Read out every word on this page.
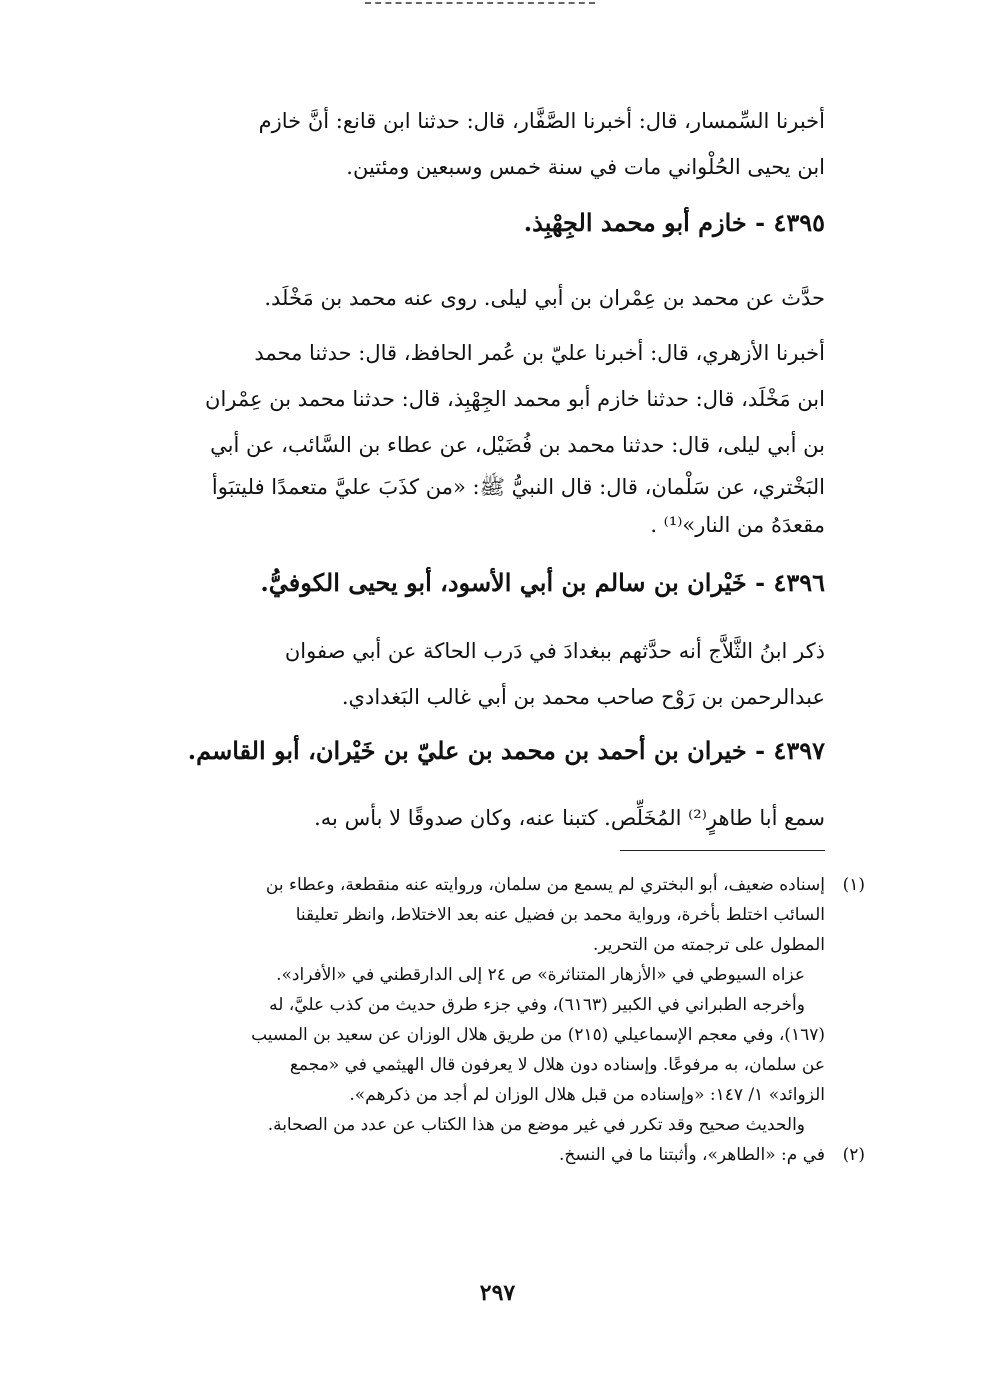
أخبرنا السِّمسار، قال: أخبرنا الصَّفَّار، قال: حدثنا ابن قانع: أنَّ خازم
ابن يحيى الحُلْواني مات في سنة خمس وسبعين ومئتين.
٤٣٩٥ - خازم أبو محمد الجِهْبِذ.
حدَّث عن محمد بن عِمْران بن أبي ليلى. روى عنه محمد بن مَخْلَد.
أخبرنا الأزهري، قال: أخبرنا عليّ بن عُمر الحافظ، قال: حدثنا محمد
ابن مَخْلَد، قال: حدثنا خازم أبو محمد الجِهْبِذ، قال: حدثنا محمد بن عِمْران
بن أبي ليلى، قال: حدثنا محمد بن فُضَيْل، عن عطاء بن السَّائب، عن أبي
البَخْتري، عن سَلْمان، قال: قال النبيُّ ﷺ: «من كذَبَ عليَّ متعمدًا فليتبَوأ
مقعدَهُ من النار»⁽¹⁾ .
٤٣٩٦ - خَيْران بن سالم بن أبي الأسود، أبو يحيى الكوفيُّ.
ذكر ابنُ الثَّلاَّج أنه حدَّثهم ببغدادَ في دَرب الحاكة عن أبي صفوان
عبدالرحمن بن رَوْح صاحب محمد بن أبي غالب البَغدادي.
٤٣٩٧ - خيران بن أحمد بن محمد بن عليّ بن خَيْران، أبو القاسم.
سمع أبا طاهرٍ⁽²⁾ المُخَلِّص. كتبنا عنه، وكان صدوقًا لا بأس به.
(١)
إسناده ضعيف، أبو البختري لم يسمع من سلمان، وروايته عنه منقطعة، وعطاء بن
السائب اختلط بأخرة، ورواية محمد بن فضيل عنه بعد الاختلاط، وانظر تعليقنا
المطول على ترجمته من التحرير.
عزاه السيوطي في «الأزهار المتناثرة» ص ٢٤ إلى الدارقطني في «الأفراد».
وأخرجه الطبراني في الكبير (٦١٦٣)، وفي جزء طرق حديث من كذب عليَّ، له
(١٦٧)، وفي معجم الإسماعيلي (٢١٥) من طريق هلال الوزان عن سعيد بن المسيب
عن سلمان، به مرفوعًا. وإسناده دون هلال لا يعرفون قال الهيثمي في «مجمع
الزوائد» ١/ ١٤٧: «وإسناده من قبل هلال الوزان لم أجد من ذكرهم».
والحديث صحيح وقد تكرر في غير موضع من هذا الكتاب عن عدد من الصحابة.
(٢)
في م: «الطاهر»، وأثبتنا ما في النسخ.
٢٩٧
